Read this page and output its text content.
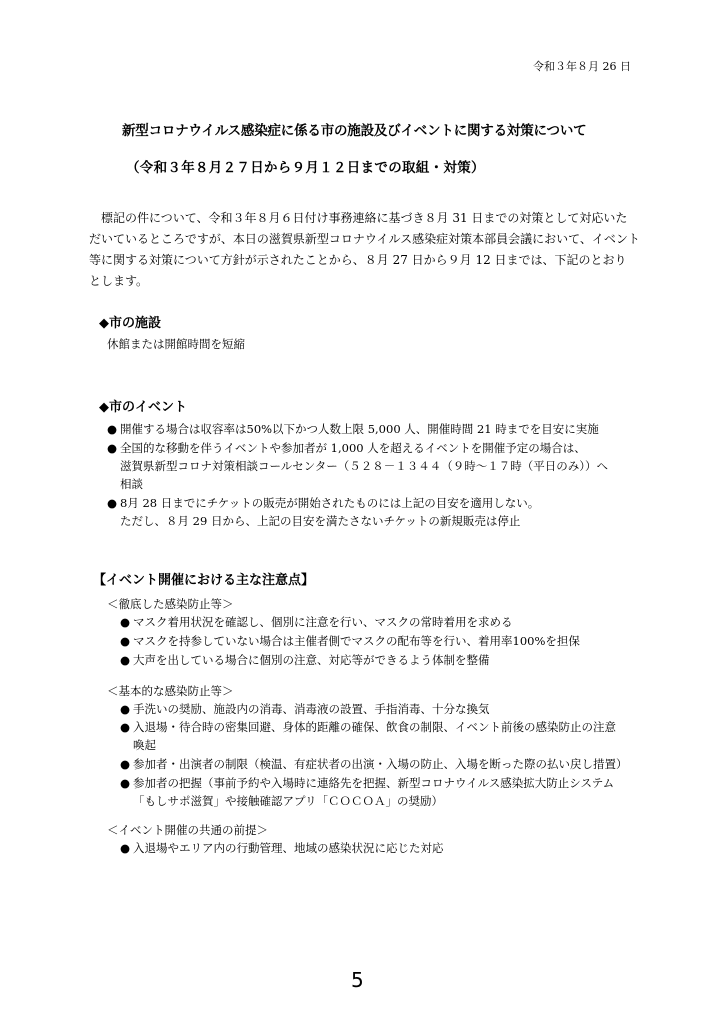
令和３年８月 26 日
新型コロナウイルス感染症に係る市の施設及びイベントに関する対策について
（令和３年８月２７日から９月１２日までの取組・対策）

　標記の件について、令和３年８月６日付け事務連絡に基づき８月 31 日までの対策として対応いた

だいているところですが、本日の滋賀県新型コロナウイルス感染症対策本部員会議において、イベント

等に関する対策について方針が示されたことから、８月 27 日から９月 12 日までは、下記のとおり

とします。

◆市の施設
休館または開館時間を短縮
◆市のイベント
● 開催する場合は収容率は50%以下かつ人数上限 5,000 人、開催時間 21 時までを目安に実施
● 全国的な移動を伴うイベントや参加者が 1,000 人を超えるイベントを開催予定の場合は、
滋賀県新型コロナ対策相談コールセンター（５２８－１３４４（９時～１７時（平日のみ））へ
相談
● 8月 28 日までにチケットの販売が開始されたものには上記の目安を適用しない。
ただし、８月 29 日から、上記の目安を満たさないチケットの新規販売は停止
【イベント開催における主な注意点】
＜徹底した感染防止等＞
● マスク着用状況を確認し、個別に注意を行い、マスクの常時着用を求める
● マスクを持参していない場合は主催者側でマスクの配布等を行い、着用率100%を担保
● 大声を出している場合に個別の注意、対応等ができるよう体制を整備
＜基本的な感染防止等＞
● 手洗いの奨励、施設内の消毒、消毒液の設置、手指消毒、十分な換気
● 入退場・待合時の密集回避、身体的距離の確保、飲食の制限、イベント前後の感染防止の注意
喚起
● 参加者・出演者の制限（検温、有症状者の出演・入場の防止、入場を断った際の払い戻し措置）
● 参加者の把握（事前予約や入場時に連絡先を把握、新型コロナウイルス感染拡大防止システム
「もしサポ滋賀」や接触確認アプリ「ＣＯＣＯＡ」の奨励）
＜イベント開催の共通の前提＞
● 入退場やエリア内の行動管理、地域の感染状況に応じた対応
5
